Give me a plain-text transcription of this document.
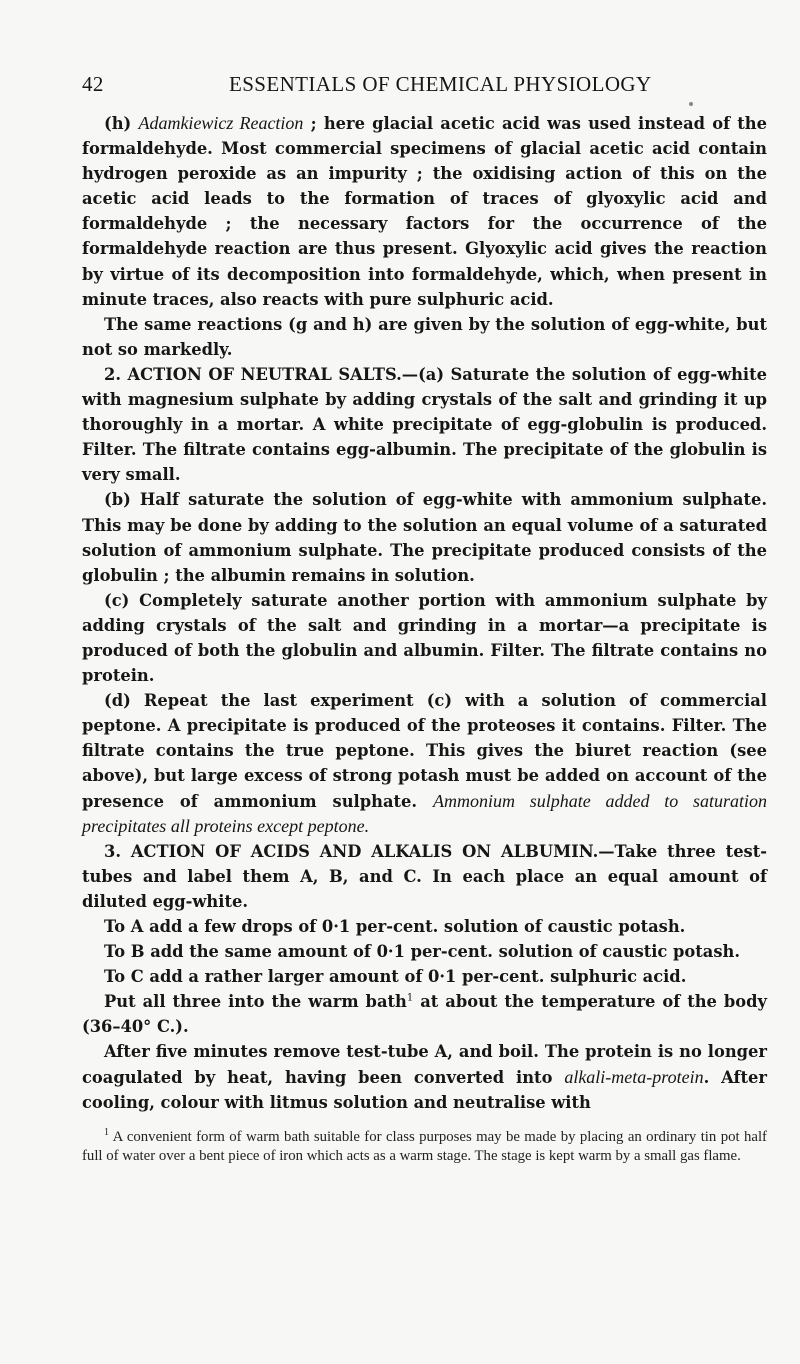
42	ESSENTIALS OF CHEMICAL PHYSIOLOGY

(h) Adamkiewicz Reaction ; here glacial acetic acid was used instead of the formaldehyde. Most commercial specimens of glacial acetic acid contain hydrogen peroxide as an impurity ; the oxidising action of this on the acetic acid leads to the formation of traces of glyoxylic acid and formaldehyde ; the necessary factors for the occurrence of the formaldehyde reaction are thus present. Glyoxylic acid gives the reaction by virtue of its decomposition into formaldehyde, which, when present in minute traces, also reacts with pure sulphuric acid.

The same reactions (g and h) are given by the solution of egg-white, but not so markedly.

2. ACTION OF NEUTRAL SALTS.—(a) Saturate the solution of egg-white with magnesium sulphate by adding crystals of the salt and grinding it up thoroughly in a mortar. A white precipitate of egg-globulin is produced. Filter. The filtrate contains egg-albumin. The precipitate of the globulin is very small.

(b) Half saturate the solution of egg-white with ammonium sulphate. This may be done by adding to the solution an equal volume of a saturated solution of ammonium sulphate. The precipitate produced consists of the globulin ; the albumin remains in solution.

(c) Completely saturate another portion with ammonium sulphate by adding crystals of the salt and grinding in a mortar—a precipitate is produced of both the globulin and albumin. Filter. The filtrate contains no protein.

(d) Repeat the last experiment (c) with a solution of commercial peptone. A precipitate is produced of the proteoses it contains. Filter. The filtrate contains the true peptone. This gives the biuret reaction (see above), but large excess of strong potash must be added on account of the presence of ammonium sulphate. Ammonium sulphate added to saturation precipitates all proteins except peptone.

3. ACTION OF ACIDS AND ALKALIS ON ALBUMIN.—Take three test-tubes and label them A, B, and C. In each place an equal amount of diluted egg-white.

To A add a few drops of 0·1 per-cent. solution of caustic potash.

To B add the same amount of 0·1 per-cent. solution of caustic potash.

To C add a rather larger amount of 0·1 per-cent. sulphuric acid.

Put all three into the warm bath$^1$ at about the temperature of the body (36–40° C.).

After five minutes remove test-tube A, and boil. The protein is no longer coagulated by heat, having been converted into alkali-meta-protein. After cooling, colour with litmus solution and neutralise with

$^1$ A convenient form of warm bath suitable for class purposes may be made by placing an ordinary tin pot half full of water over a bent piece of iron which acts as a warm stage. The stage is kept warm by a small gas flame.
